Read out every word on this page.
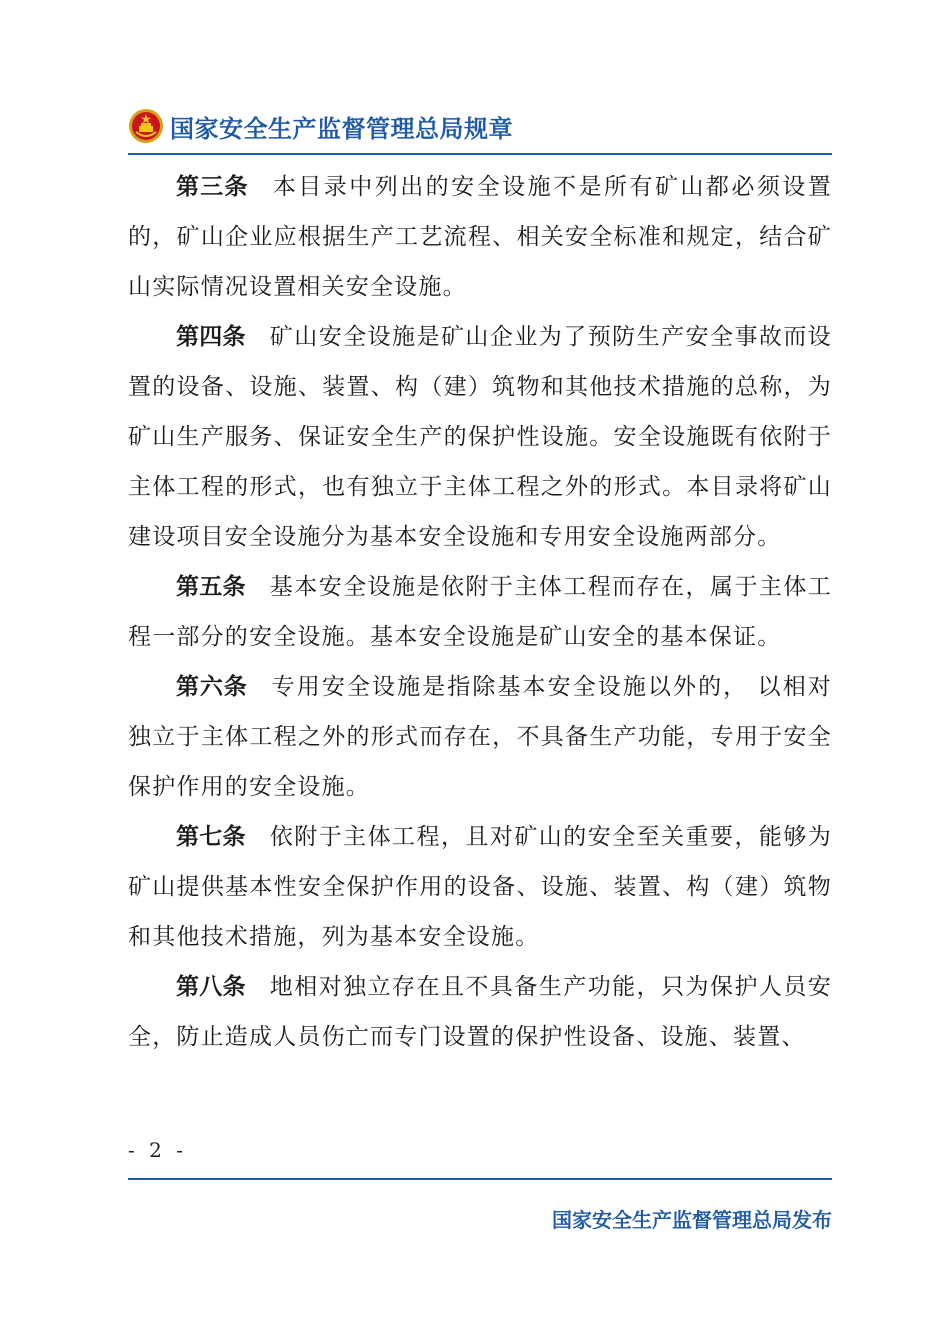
国家安全生产监督管理总局规章

第三条 本目录中列出的安全设施不是所有矿山都必须设置的，矿山企业应根据生产工艺流程、相关安全标准和规定，结合矿山实际情况设置相关安全设施。

第四条 矿山安全设施是矿山企业为了预防生产安全事故而设置的设备、设施、装置、构（建）筑物和其他技术措施的总称，为矿山生产服务、保证安全生产的保护性设施。安全设施既有依附于主体工程的形式，也有独立于主体工程之外的形式。本目录将矿山建设项目安全设施分为基本安全设施和专用安全设施两部分。

第五条 基本安全设施是依附于主体工程而存在，属于主体工程一部分的安全设施。基本安全设施是矿山安全的基本保证。

第六条 专用安全设施是指除基本安全设施以外的， 以相对独立于主体工程之外的形式而存在，不具备生产功能，专用于安全保护作用的安全设施。

第七条 依附于主体工程，且对矿山的安全至关重要，能够为矿山提供基本性安全保护作用的设备、设施、装置、构（建）筑物和其他技术措施，列为基本安全设施。

第八条 地相对独立存在且不具备生产功能，只为保护人员安全，防止造成人员伤亡而专门设置的保护性设备、设施、装置、

- 2 -
国家安全生产监督管理总局发布
